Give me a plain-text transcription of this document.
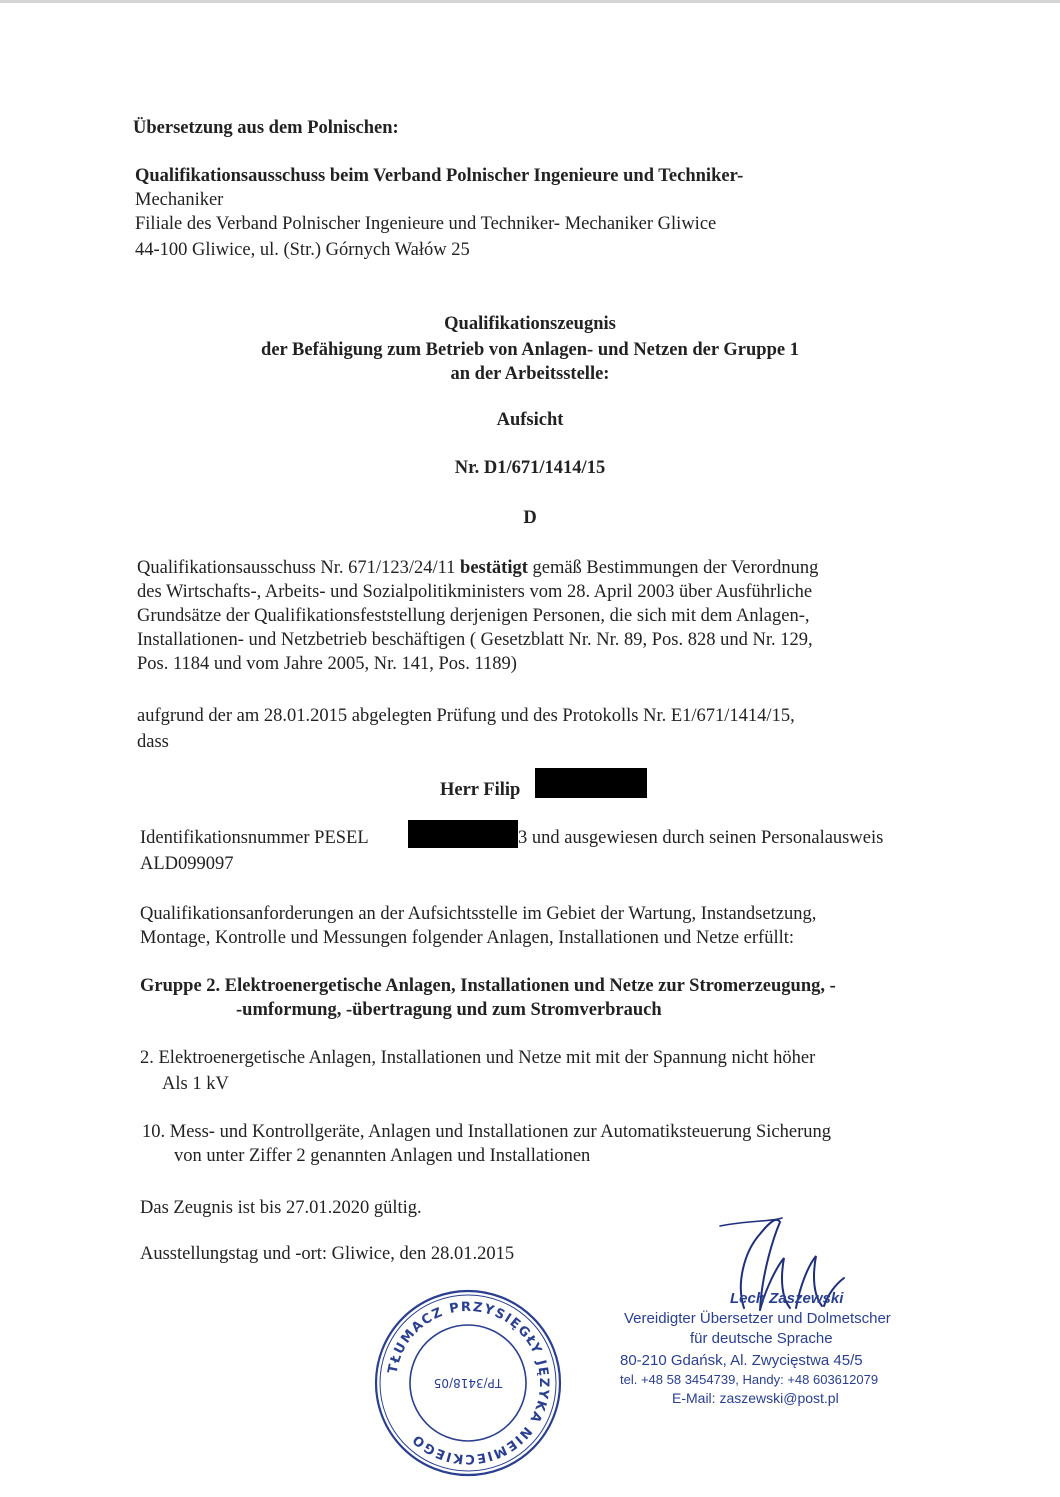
Übersetzung aus dem Polnischen:
Qualifikationsausschuss beim Verband Polnischer Ingenieure und Techniker-
Mechaniker
Filiale des Verband Polnischer Ingenieure und Techniker- Mechaniker Gliwice
44-100 Gliwice, ul. (Str.) Górnych Wałów 25
Qualifikationszeugnis
der Befähigung zum Betrieb von Anlagen- und Netzen der Gruppe 1
an der Arbeitsstelle:
Aufsicht
Nr. D1/671/1414/15
D
Qualifikationsausschuss Nr. 671/123/24/11 bestätigt gemäß Bestimmungen der Verordnung
des Wirtschafts-, Arbeits- und Sozialpolitikministers vom 28. April 2003 über Ausführliche
Grundsätze der Qualifikationsfeststellung derjenigen Personen, die sich mit dem Anlagen-,
Installationen- und Netzbetrieb beschäftigen ( Gesetzblatt Nr. Nr. 89, Pos. 828 und Nr. 129,
Pos. 1184 und vom Jahre 2005, Nr. 141, Pos. 1189)
aufgrund der am 28.01.2015 abgelegten Prüfung und des Protokolls Nr. E1/671/1414/15,
dass
Herr Filip
Identifikationsnummer PESEL	3 und ausgewiesen durch seinen Personalausweis
ALD099097
Qualifikationsanforderungen an der Aufsichtsstelle im Gebiet der Wartung, Instandsetzung,
Montage, Kontrolle und Messungen folgender Anlagen, Installationen und Netze erfüllt:
Gruppe 2. Elektroenergetische Anlagen, Installationen und Netze zur Stromerzeugung, -
-umformung, -übertragung und zum Stromverbrauch
2. Elektroenergetische Anlagen, Installationen und Netze mit mit der Spannung nicht höher
Als 1 kV
10. Mess- und Kontrollgeräte, Anlagen und Installationen zur Automatiksteuerung Sicherung
von unter Ziffer 2 genannten Anlagen und Installationen
Das Zeugnis ist bis 27.01.2020 gültig.
Ausstellungstag und -ort: Gliwice, den 28.01.2015
TŁUMACZ PRZYSIĘGŁY JĘZYKA NIEMIECKIEGO
TP/3418/05
Lech Zaszewski
Vereidigter Übersetzer und Dolmetscher
für deutsche Sprache
80-210 Gdańsk, Al. Zwycięstwa 45/5
tel. +48 58 3454739, Handy: +48 603612079
E-Mail: zaszewski@post.pl
